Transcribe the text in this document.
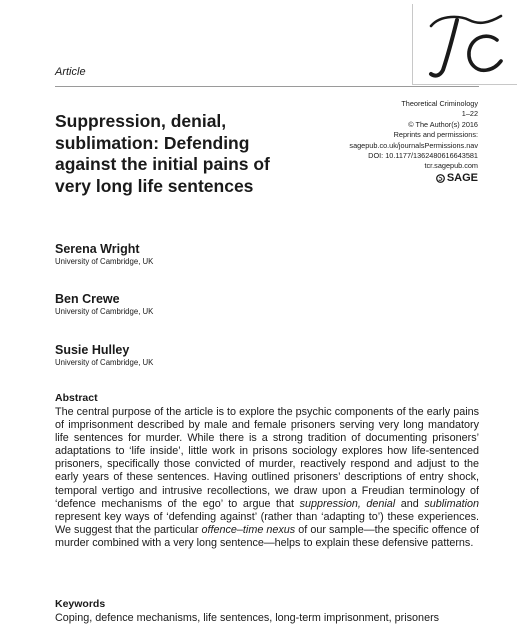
Article
Theoretical Criminology
1–22
© The Author(s) 2016
Reprints and permissions:
sagepub.co.uk/journalsPermissions.nav
DOI: 10.1177/1362480616643581
tcr.sagepub.com
SAGE
Suppression, denial, sublimation: Defending against the initial pains of very long life sentences
Serena Wright
University of Cambridge, UK
Ben Crewe
University of Cambridge, UK
Susie Hulley
University of Cambridge, UK
Abstract

The central purpose of the article is to explore the psychic components of the early pains of imprisonment described by male and female prisoners serving very long mandatory life sentences for murder. While there is a strong tradition of documenting prisoners’ adaptations to ‘life inside’, little work in prisons sociology explores how life-sentenced prisoners, specifically those convicted of murder, reactively respond and adjust to the early years of these sentences. Having outlined prisoners’ descriptions of entry shock, temporal vertigo and intrusive recollections, we draw upon a Freudian terminology of ‘defence mechanisms of the ego’ to argue that suppression, denial and sublimation represent key ways of ‘defending against’ (rather than ‘adapting to’) these experiences. We suggest that the particular offence–time nexus of our sample—the specific offence of murder combined with a very long sentence—helps to explain these defensive patterns.

Keywords

Coping, defence mechanisms, life sentences, long-term imprisonment, prisoners
